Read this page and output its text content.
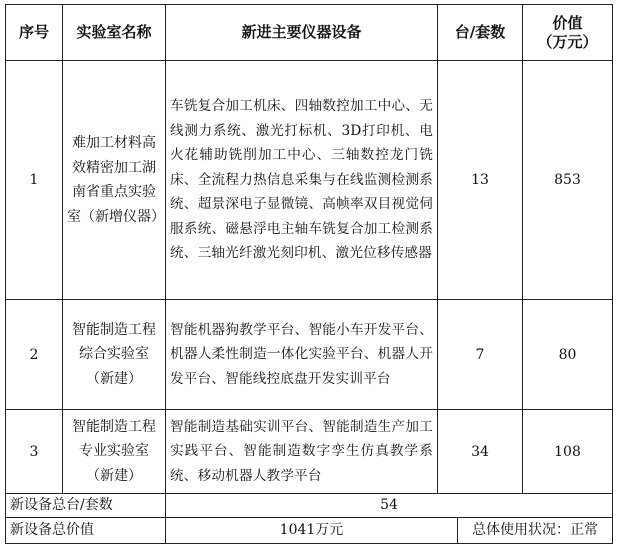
序号	实验室名称	新进主要仪器设备	台/套数		价值
（万元）

1	难加工材料高效精密加工湖南省重点实验室（新增仪器）	车铣复合加工机床、四轴数控加工中心、无线测力系统、激光打标机、3D打印机、电火花辅助铣削加工中心、三轴数控龙门铣床、全流程力热信息采集与在线监测检测系统、超景深电子显微镜、高帧率双目视觉伺服系统、磁悬浮电主轴车铣复合加工检测系统、三轴光纤激光刻印机、激光位移传感器	13		853
2	智能制造工程综合实验室（新建）	智能机器狗教学平台、智能小车开发平台、机器人柔性制造一体化实验平台、机器人开发平台、智能线控底盘开发实训平台	7		80
3	智能制造工程专业实验室（新建）	智能制造基础实训平台、智能制造生产加工实践平台、智能制造数字孪生仿真教学系统、移动机器人教学平台	34		108
新设备总台/套数		54			
新设备总价值		1041万元		总体使用状况：正常	
